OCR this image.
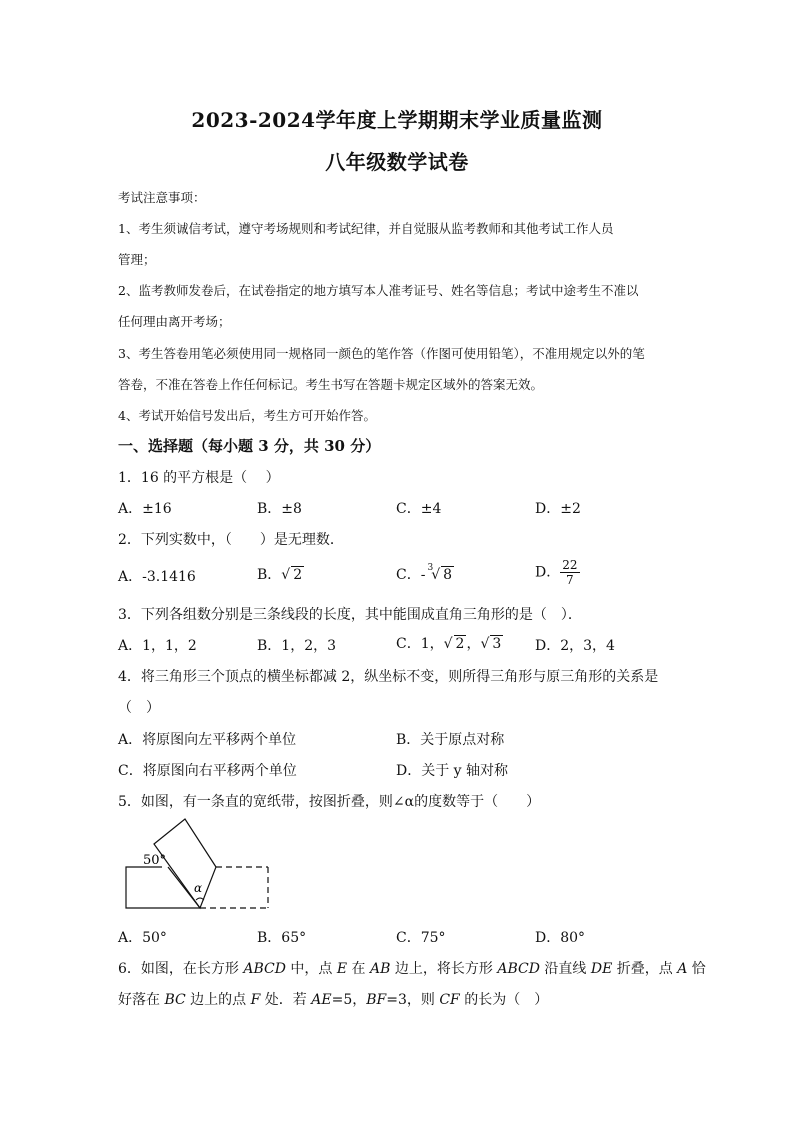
2023-2024学年度上学期期末学业质量监测
八年级数学试卷
考试注意事项：
1、考生须诚信考试，遵守考场规则和考试纪律，并自觉服从监考教师和其他考试工作人员
管理；
2、监考教师发卷后，在试卷指定的地方填写本人准考证号、姓名等信息；考试中途考生不准以
任何理由离开考场；
3、考生答卷用笔必须使用同一规格同一颜色的笔作答（作图可使用铅笔），不准用规定以外的笔
答卷，不准在答卷上作任何标记。考生书写在答题卡规定区域外的答案无效。
4、考试开始信号发出后，考生方可开始作答。
一、选择题（每小题 3 分，共 30 分）
1．16 的平方根是（　 ）
A．±16	B．±8	C．±4	D．±2
2．下列实数中，（　　）是无理数．
A．-3.1416	B．√ 2	C．- $^3$√ 8	D． $\frac{22}{7}$
3．下列各组数分别是三条线段的长度，其中能围成直角三角形的是（　）．
A．1，1，2	B．1，2，3	C．1，√ 2 ，√ 3 D．2，3，4
4．将三角形三个顶点的横坐标都减 2，纵坐标不变，则所得三角形与原三角形的关系是
（　）
A．将原图向左平移两个单位	B．关于原点对称
C．将原图向右平移两个单位	D．关于 y 轴对称
5．如图，有一条直的宽纸带，按图折叠，则∠α的度数等于（　　）
50°
α
A．50°	B．65°	C．75°	D．80°
6．如图，在长方形 ABCD 中，点 E 在 AB 边上，将长方形 ABCD 沿直线 DE 折叠，点 A 恰
好落在 BC 边上的点 F 处．若 AE=5，BF=3，则 CF 的长为（　）
